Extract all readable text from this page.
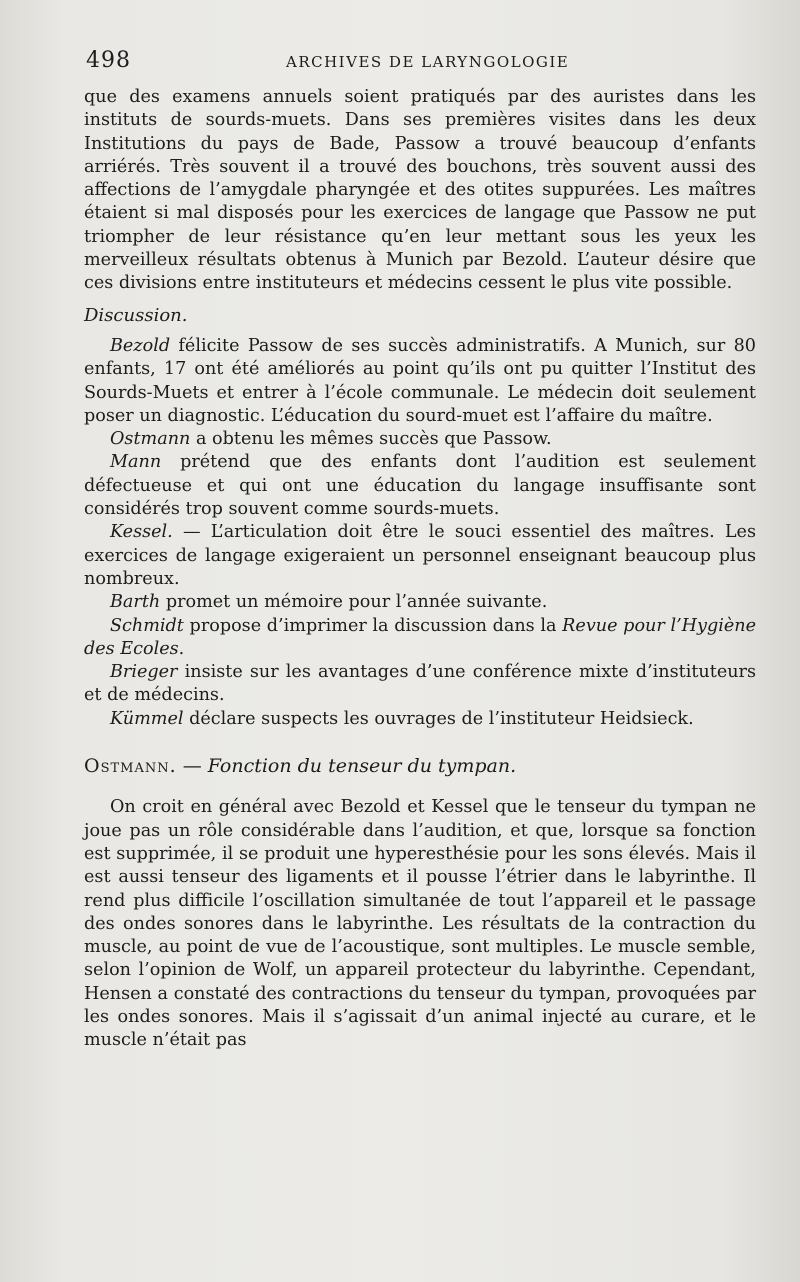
498	ARCHIVES DE LARYNGOLOGIE

que des examens annuels soient pratiqués par des auristes dans les instituts de sourds-muets. Dans ses premières visites dans les deux Institutions du pays de Bade, Passow a trouvé beaucoup d’enfants arriérés. Très souvent il a trouvé des bouchons, très souvent aussi des affections de l’amygdale pharyngée et des otites suppurées. Les maîtres étaient si mal disposés pour les exercices de langage que Passow ne put triompher de leur résistance qu’en leur mettant sous les yeux les merveilleux résultats obtenus à Munich par Bezold. L’auteur désire que ces divisions entre instituteurs et médecins cessent le plus vite possible.

Discussion.

Bezold félicite Passow de ses succès administratifs. A Munich, sur 80 enfants, 17 ont été améliorés au point qu’ils ont pu quitter l’Institut des Sourds-Muets et entrer à l’école communale. Le médecin doit seulement poser un diagnostic. L’éducation du sourd-muet est l’affaire du maître.

Ostmann a obtenu les mêmes succès que Passow.

Mann prétend que des enfants dont l’audition est seulement défectueuse et qui ont une éducation du langage insuffisante sont considérés trop souvent comme sourds-muets.

Kessel. — L’articulation doit être le souci essentiel des maîtres. Les exercices de langage exigeraient un personnel enseignant beaucoup plus nombreux.

Barth promet un mémoire pour l’année suivante.

Schmidt propose d’imprimer la discussion dans la Revue pour l’Hygiène des Ecoles.

Brieger insiste sur les avantages d’une conférence mixte d’instituteurs et de médecins.

Kümmel déclare suspects les ouvrages de l’instituteur Heidsieck.

Ostmann. — Fonction du tenseur du tympan.

On croit en général avec Bezold et Kessel que le tenseur du tympan ne joue pas un rôle considérable dans l’audition, et que, lorsque sa fonction est supprimée, il se produit une hyperesthésie pour les sons élevés. Mais il est aussi tenseur des ligaments et il pousse l’étrier dans le labyrinthe. Il rend plus difficile l’oscillation simultanée de tout l’appareil et le passage des ondes sonores dans le labyrinthe. Les résultats de la contraction du muscle, au point de vue de l’acoustique, sont multiples. Le muscle semble, selon l’opinion de Wolf, un appareil protecteur du labyrinthe. Cependant, Hensen a constaté des contractions du tenseur du tympan, provoquées par les ondes sonores. Mais il s’agissait d’un animal injecté au curare, et le muscle n’était pas
